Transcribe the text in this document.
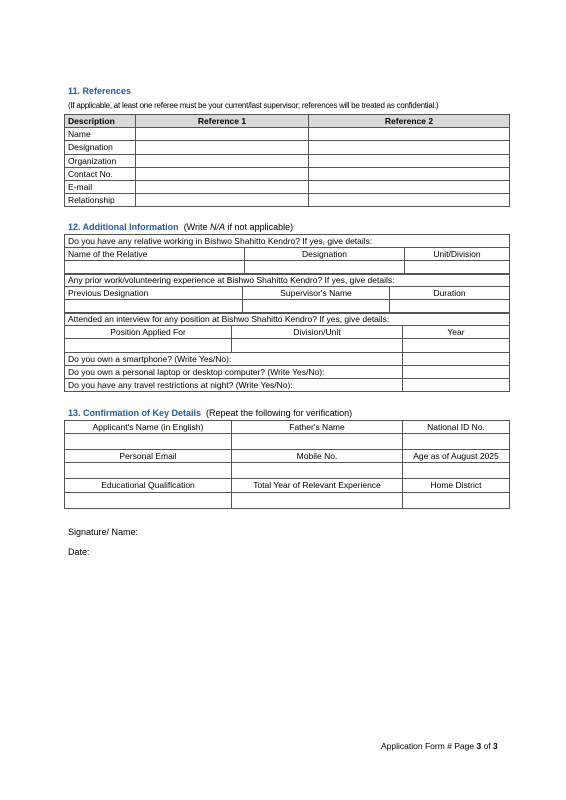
11. References
(If applicable, at least one referee must be your current/last supervisor; references will be treated as confidential.)
Description	Reference 1	Reference 2
Name		
Designation		
Organization		
Contact No.		
E-mail		
Relationship		
12. Additional Information (Write N/A if not applicable)
Do you have any relative working in Bishwo Shahitto Kendro? If yes, give details:		
Name of the Relative	Designation	Unit/Division

Any prior work/volunteering experience at Bishwo Shahitto Kendro? If yes, give details:		
Previous Designation	Supervisor's Name	Duration

Attended an interview for any position at Bishwo Shahitto Kendro? If yes, give details:		
Position Applied For	Division/Unit	Year

Do you own a smartphone? (Write Yes/No):		
Do you own a personal laptop or desktop computer? (Write Yes/No):		
Do you have any travel restrictions at night? (Write Yes/No):		
13. Confirmation of Key Details (Repeat the following for verification)
Applicant's Name (in English)	Father's Name	National ID No.

Personal Email	Mobile No.	Age as of August 2025

Educational Qualification	Total Year of Relevant Experience	Home District

Signature/ Name:
Date:
Application Form # Page 3 of 3
